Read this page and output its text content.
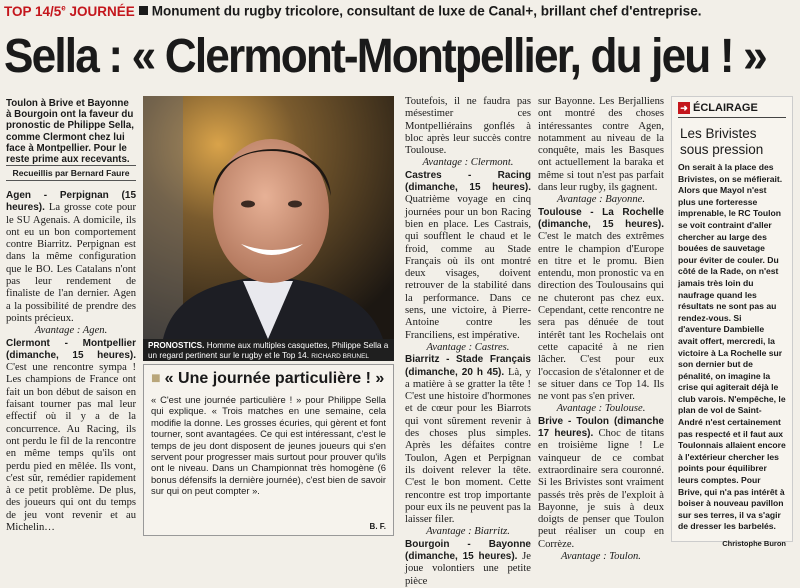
TOP 14/5e JOURNÉE Monument du rugby tricolore, consultant de luxe de Canal+, brillant chef d'entreprise.
Sella : « Clermont-Montpellier, du jeu ! »
Toulon à Brive et Bayonne à Bourgoin ont la faveur du pronostic de Philippe Sella, comme Clermont chez lui face à Montpellier. Pour le reste prime aux recevants.
Recueillis par Bernard Faure

Agen - Perpignan (15 heures). La grosse cote pour le SU Agenais. A domicile, ils ont eu un bon comportement contre Biarritz. Perpignan est dans la même configuration que le BO. Les Catalans n'ont pas leur rendement de finaliste de l'an dernier. Agen a la possibilité de prendre des points précieux.

Avantage : Agen.

Clermont - Montpellier (dimanche, 15 heures). C'est une rencontre sympa ! Les champions de France ont fait un bon début de saison en faisant tourner pas mal leur effectif où il y a de la concurrence. Au Racing, ils ont perdu le fil de la rencontre en même temps qu'ils ont perdu pied en mêlée. Ils vont, c'est sûr, remédier rapidement à ce petit problème. De plus, des joueurs qui ont du temps de jeu vont revenir et au Michelin…

PRONOSTICS. Homme aux multiples casquettes, Philippe Sella a un regard pertinent sur le rugby et le Top 14. RICHARD BRUNEL
■ « Une journée particulière ! »
« C'est une journée particulière ! » pour Philippe Sella qui explique. « Trois matches en une semaine, cela modifie la donne. Les grosses écuries, qui gèrent et font tourner, sont avantagées. Ce qui est intéressant, c'est le temps de jeu dont disposent de jeunes joueurs qui s'en servent pour progresser mais surtout pour prouver qu'ils ont le niveau. Dans un Championnat très homogène (6 bonus défensifs la dernière journée), c'est bien de savoir sur qui on peut compter ».
B. F.

Toutefois, il ne faudra pas mésestimer ces Montpelliérains gonflés à bloc après leur succès contre Toulouse.

Avantage : Clermont.

Castres - Racing (dimanche, 15 heures). Quatrième voyage en cinq journées pour un bon Racing bien en place. Les Castrais, qui soufflent le chaud et le froid, comme au Stade Français où ils ont montré deux visages, doivent retrouver de la stabilité dans la performance. Dans ce sens, une victoire, à Pierre-Antoine contre les Franciliens, est impérative.

Avantage : Castres.

Biarritz - Stade Français (dimanche, 20 h 45). Là, y a matière à se gratter la tête ! C'est une histoire d'hormones et de cœur pour les Biarrots qui vont sûrement revenir à des choses plus simples. Après les défaites contre Toulon, Agen et Perpignan ils doivent relever la tête. C'est le bon moment. Cette rencontre est trop importante pour eux ils ne peuvent pas la laisser filer.

Avantage : Biarritz.

Bourgoin - Bayonne (dimanche, 15 heures). Je joue volontiers une petite pièce

sur Bayonne. Les Berjalliens ont montré des choses intéressantes contre Agen, notamment au niveau de la conquête, mais les Basques ont actuellement la baraka et même si tout n'est pas parfait dans leur rugby, ils gagnent.

Avantage : Bayonne.

Toulouse - La Rochelle (dimanche, 15 heures). C'est le match des extrêmes entre le champion d'Europe en titre et le promu. Bien entendu, mon pronostic va en direction des Toulousains qui ne chuteront pas chez eux. Cependant, cette rencontre ne sera pas dénuée de tout intérêt tant les Rochelais ont cette capacité à ne rien lâcher. C'est pour eux l'occasion de s'étalonner et de se situer dans ce Top 14. Ils ne vont pas s'en priver.

Avantage : Toulouse.

Brive - Toulon (dimanche 17 heures). Choc de titans en troisième ligne ! Le vainqueur de ce combat extraordinaire sera couronné. Si les Brivistes sont vraiment passés très près de l'exploit à Bayonne, je suis à deux doigts de penser que Toulon peut réaliser un coup en Corrèze.

Avantage : Toulon.
➜ ÉCLAIRAGE
Les Brivistes sous pression
On serait à la place des Brivistes, on se méfierait. Alors que Mayol n'est plus une forteresse imprenable, le RC Toulon se voit contraint d'aller chercher au large des bouées de sauvetage pour éviter de couler. Du côté de la Rade, on n'est jamais très loin du naufrage quand les résultats ne sont pas au rendez-vous. Si d'aventure Dambielle avait offert, mercredi, la victoire à La Rochelle sur son dernier but de pénalité, on imagine la crise qui agiterait déjà le club varois. N'empêche, le plan de vol de Saint-André n'est certainement pas respecté et il faut aux Toulonnais allaient encore à l'extérieur chercher les points pour équilibrer leurs comptes. Pour Brive, qui n'a pas intérêt à boiser à nouveau pavillon sur ses terres, il va s'agir de dresser les barbelés.
Christophe Buron
